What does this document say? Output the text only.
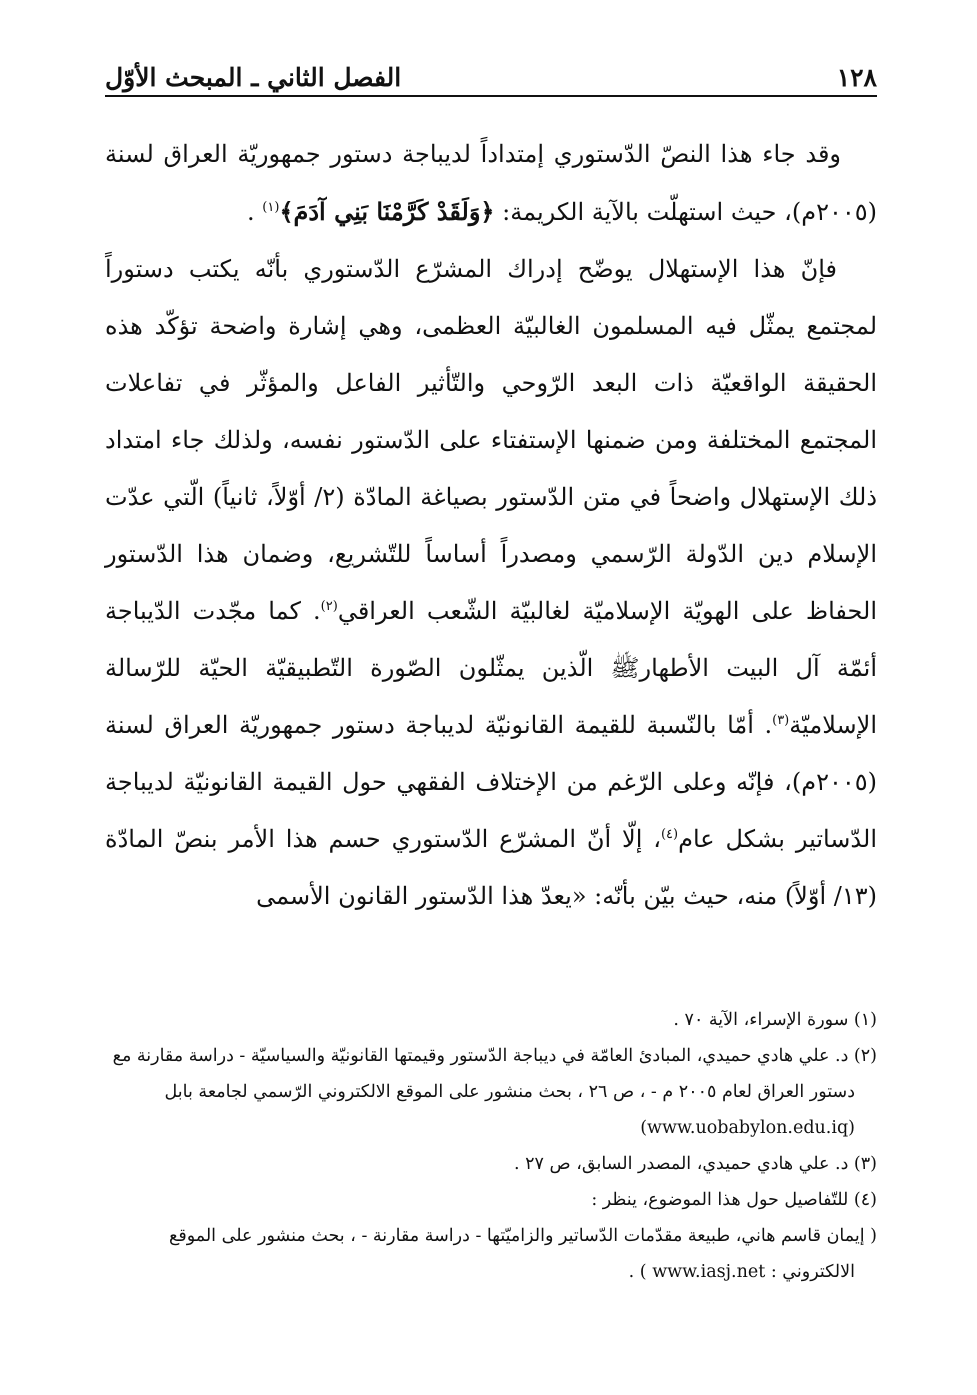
١٢٨
الفصل الثاني ـ المبحث الأوّل

وقد جاء هذا النصّ الدّستوري إمتداداً لديباجة دستور جمهوريّة العراق لسنة (٢٠٠٥م)، حيث استهلّت بالآية الكريمة: ﴿وَلَقَدْ كَرَّمْنَا بَنِي آدَمَ﴾$^{(١)}$ .

فإنّ هذا الإستهلال يوضّح إدراك المشرّع الدّستوري بأنّه يكتب دستوراً لمجتمع يمثّل فيه المسلمون الغالبيّة العظمى، وهي إشارة واضحة تؤكّد هذه الحقيقة الواقعيّة ذات البعد الرّوحي والتّأثير الفاعل والمؤثّر في تفاعلات المجتمع المختلفة ومن ضمنها الإستفتاء على الدّستور نفسه، ولذلك جاء امتداد ذلك الإستهلال واضحاً في متن الدّستور بصياغة المادّة (٢/ أوّلاً، ثانياً) الّتي عدّت الإسلام دين الدّولة الرّسمي ومصدراً أساساً للتّشريع، وضمان هذا الدّستور الحفاظ على الهويّة الإسلاميّة لغالبيّة الشّعب العراقي$^{(٢)}$. كما مجّدت الدّيباجة أئمّة آل البيت الأطهارﷺ الّذين يمثّلون الصّورة التّطبيقيّة الحيّة للرّسالة الإسلاميّة$^{(٣)}$. أمّا بالنّسبة للقيمة القانونيّة لديباجة دستور جمهوريّة العراق لسنة (٢٠٠٥م)، فإنّه وعلى الرّغم من الإختلاف الفقهي حول القيمة القانونيّة لديباجة الدّساتير بشكل عام$^{(٤)}$، إلّا أنّ المشرّع الدّستوري حسم هذا الأمر بنصّ المادّة (١٣/ أوّلاً) منه، حيث بيّن بأنّه: «يعدّ هذا الدّستور القانون الأسمى

(١) سورة الإسراء، الآية ٧٠ .

(٢) د. علي هادي حميدي، المبادئ العامّة في ديباجة الدّستور وقيمتها القانونيّة والسياسيّة - دراسة مقارنة مع

دستور العراق لعام ٢٠٠٥ م - ، ص ٢٦ ، بحث منشور على الموقع الالكتروني الرّسمي لجامعة بابل

(www.uobabylon.edu.iq)

(٣) د. علي هادي حميدي، المصدر السابق، ص ٢٧ .

(٤) للتّفاصيل حول هذا الموضوع، ينظر :

( إيمان قاسم هاني، طبيعة مقدّمات الدّساتير والزاميّتها - دراسة مقارنة - ، بحث منشور على الموقع

الالكتروني : www.iasj.net ) .
